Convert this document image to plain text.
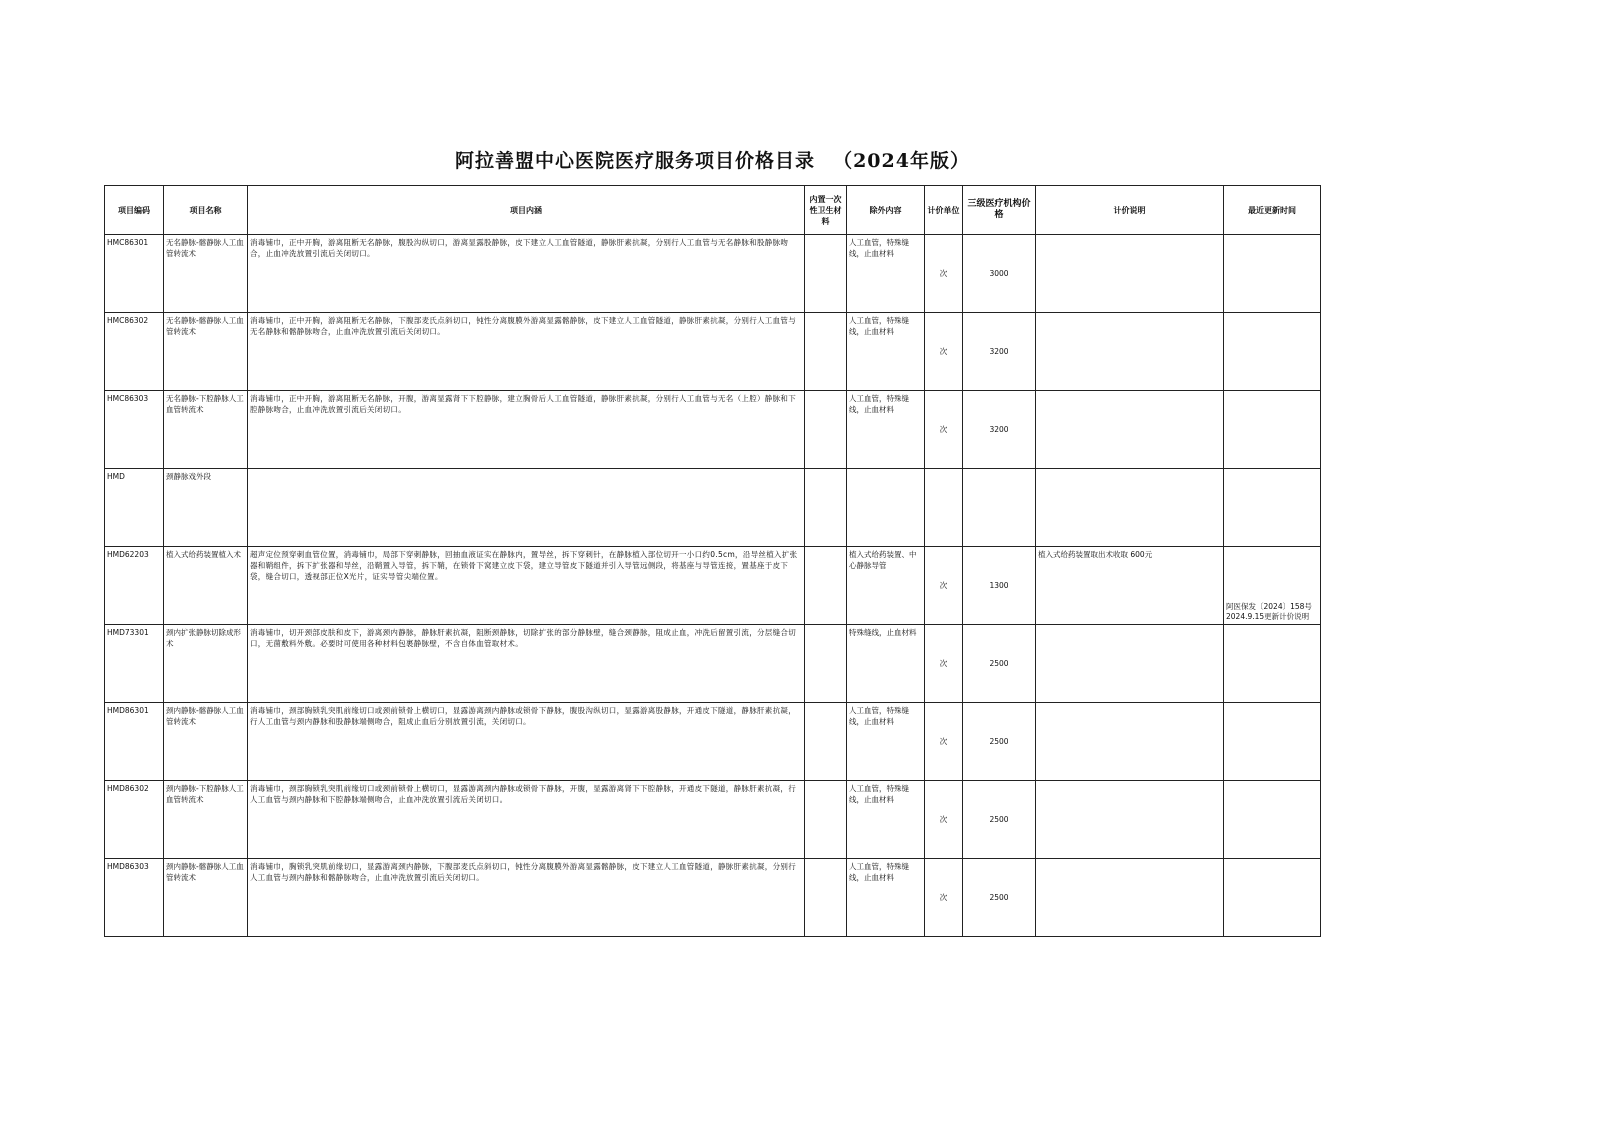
阿拉善盟中心医院医疗服务项目价格目录 （2024年版）
项目编码	项目名称	项目内涵	内置一次性卫生材料	除外内容	计价单位	三级医疗机构价格	计价说明	最近更新时间
HMC86301	无名静脉-髂静脉人工血管转流术	消毒铺巾，正中开胸，游离阻断无名静脉，腹股沟纵切口，游离显露股静脉，皮下建立人工血管隧道，静脉肝素抗凝，分别行人工血管与无名静脉和股静脉吻合，止血冲洗放置引流后关闭切口。		人工血管，特殊缝线，止血材料	次	3000		
HMC86302	无名静脉-髂静脉人工血管转流术	消毒铺巾，正中开胸，游离阻断无名静脉，下腹部麦氏点斜切口，钝性分离腹膜外游离显露髂静脉，皮下建立人工血管隧道，静脉肝素抗凝，分别行人工血管与无名静脉和髂静脉吻合，止血冲洗放置引流后关闭切口。		人工血管，特殊缝线，止血材料	次	3200		
HMC86303	无名静脉-下腔静脉人工血管转流术	消毒铺巾，正中开胸，游离阻断无名静脉，开腹，游离显露肾下下腔静脉，建立胸骨后人工血管隧道，静脉肝素抗凝，分别行人工血管与无名（上腔）静脉和下腔静脉吻合，止血冲洗放置引流后关闭切口。		人工血管，特殊缝线，止血材料	次	3200		
HMD	颈静脉戏外段							
HMD62203	植入式给药装置植入术	超声定位预穿刺血管位置，消毒铺巾，局部下穿刺静脉，回抽血液证实在静脉内，置导丝，拆下穿刺针，在静脉植入部位切开一小口约0.5cm，沿导丝植入扩张器和鞘组件，拆下扩张器和导丝，沿鞘置入导管，拆下鞘，在锁骨下窝建立皮下袋，建立导管皮下隧道并引入导管远侧段，将基座与导管连接，置基座于皮下袋，缝合切口，透视部正位X光片，证实导管尖端位置。		植入式给药装置、中心静脉导管	次	1300	植入式给药装置取出术收取 600元	阿医保发〔2024〕158号 2024.9.15更新计价说明
HMD73301	颈内扩张静脉切除成形术	消毒铺巾，切开颈部皮肤和皮下，游离颈内静脉，静脉肝素抗凝，阻断颈静脉，切除扩张的部分静脉壁，缝合颈静脉，阻成止血，冲洗后留置引流，分层缝合切口，无菌敷料外敷。必要时可使用各种材料包裹静脉壁，不含自体血管取材术。		特殊缝线，止血材料	次	2500		
HMD86301	颈内静脉-髂静脉人工血管转流术	消毒铺巾，颈部胸锁乳突肌前缘切口或颈前锁骨上横切口，显露游离颈内静脉或锁骨下静脉，腹股沟纵切口，显露游离股静脉，开通皮下隧道，静脉肝素抗凝，行人工血管与颈内静脉和股静脉端侧吻合，阻成止血后分别放置引流，关闭切口。		人工血管，特殊缝线，止血材料	次	2500		
HMD86302	颈内静脉-下腔静脉人工血管转流术	消毒铺巾，颈部胸锁乳突肌前缘切口或颈前锁骨上横切口，显露游离颈内静脉或锁骨下静脉，开腹，显露游离肾下下腔静脉，开通皮下隧道，静脉肝素抗凝，行人工血管与颈内静脉和下腔静脉端侧吻合，止血冲洗放置引流后关闭切口。		人工血管，特殊缝线，止血材料	次	2500		
HMD86303	颈内静脉-髂静脉人工血管转流术	消毒铺巾，胸锁乳突肌前缘切口，显露游离颈内静脉，下腹部麦氏点斜切口，钝性分离腹膜外游离显露髂静脉，皮下建立人工血管隧道，静脉肝素抗凝，分别行人工血管与颈内静脉和髂静脉吻合，止血冲洗放置引流后关闭切口。		人工血管，特殊缝线，止血材料	次	2500		
